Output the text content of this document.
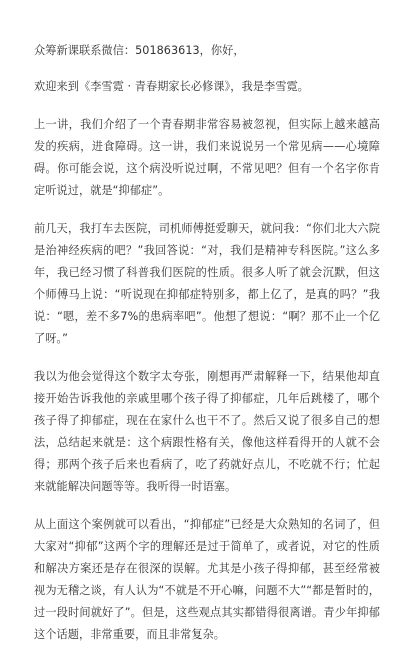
众筹新课联系微信：501863613，你好，

欢迎来到《李雪霓 · 青春期家长必修课》，我是李雪霓。

上一讲，我们介绍了一个青春期非常容易被忽视，但实际上越来越高发的疾病，进食障碍。这一讲，我们来说说另一个常见病——心境障碍。你可能会说，这个病没听说过啊，不常见吧？但有一个名字你肯定听说过，就是“抑郁症”。

前几天，我打车去医院，司机师傅挺爱聊天，就问我：“你们北大六院是治神经疾病的吧？”我回答说：“对，我们是精神专科医院。”这么多年，我已经习惯了科普我们医院的性质。很多人听了就会沉默，但这个师傅马上说：“听说现在抑郁症特别多，都上亿了，是真的吗？”我说：“嗯，差不多7%的患病率吧”。他想了想说：“啊？那不止一个亿了呀。”

我以为他会觉得这个数字太夸张，刚想再严肃解释一下，结果他却直接开始告诉我他的亲戚里哪个孩子得了抑郁症，几年后跳楼了，哪个孩子得了抑郁症，现在在家什么也干不了。然后又说了很多自己的想法，总结起来就是：这个病跟性格有关，像他这样看得开的人就不会得；那两个孩子后来也看病了，吃了药就好点儿，不吃就不行；忙起来就能解决问题等等。我听得一时语塞。

从上面这个案例就可以看出，“抑郁症”已经是大众熟知的名词了，但大家对“抑郁”这两个字的理解还是过于简单了，或者说，对它的性质和解决方案还是存在很深的误解。尤其是小孩子得抑郁，甚至经常被视为无稽之谈，有人认为“不就是不开心嘛，问题不大”“都是暂时的，过一段时间就好了”。但是，这些观点其实都错得很离谱。青少年抑郁这个话题，非常重要，而且非常复杂。
